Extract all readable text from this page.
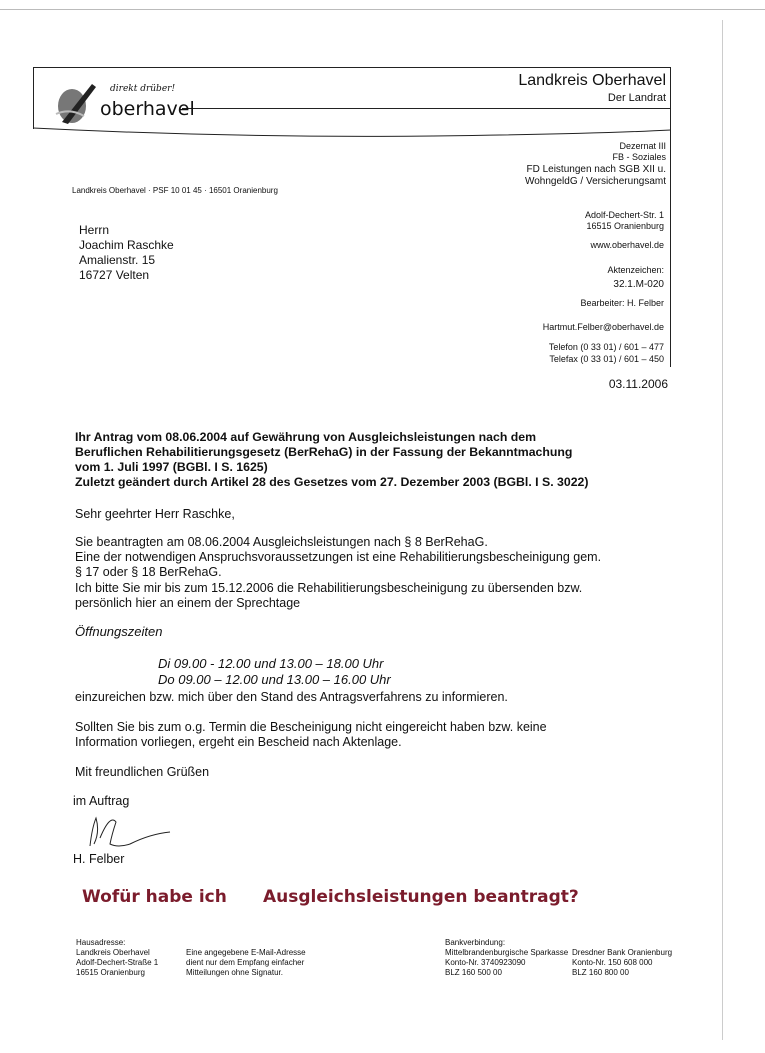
direkt drüber!
oberhavel
Landkreis Oberhavel
Der Landrat
Dezernat III
FB - Soziales
FD Leistungen nach SGB XII u.
WohngeldG / Versicherungsamt
Landkreis Oberhavel · PSF 10 01 45 · 16501 Oranienburg
Herrn
Joachim Raschke
Amalienstr. 15
16727 Velten
Adolf-Dechert-Str. 1
16515 Oranienburg
www.oberhavel.de
Aktenzeichen:
32.1.M-020
Bearbeiter: H. Felber
Hartmut.Felber@oberhavel.de
Telefon (0 33 01) / 601 – 477
Telefax (0 33 01) / 601 – 450
03.11.2006
Ihr Antrag vom 08.06.2004 auf Gewährung von Ausgleichsleistungen nach dem
Beruflichen Rehabilitierungsgesetz (BerRehaG) in der Fassung der Bekanntmachung
vom 1. Juli 1997 (BGBl. I S. 1625)
Zuletzt geändert durch Artikel 28 des Gesetzes vom 27. Dezember 2003 (BGBl. I S. 3022)
Sehr geehrter Herr Raschke,
Sie beantragten am 08.06.2004 Ausgleichsleistungen nach § 8 BerRehaG.
Eine der notwendigen Anspruchsvoraussetzungen ist eine Rehabilitierungsbescheinigung gem.
§ 17 oder § 18 BerRehaG.
Ich bitte Sie mir bis zum 15.12.2006 die Rehabilitierungsbescheinigung zu übersenden bzw.
persönlich hier an einem der Sprechtage
Öffnungszeiten
Di 09.00 - 12.00 und 13.00 – 18.00 Uhr
Do 09.00 – 12.00 und 13.00 – 16.00 Uhr
einzureichen bzw. mich über den Stand des Antragsverfahrens zu informieren.
Sollten Sie bis zum o.g. Termin die Bescheinigung nicht eingereicht haben bzw. keine
Information vorliegen, ergeht ein Bescheid nach Aktenlage.
Mit freundlichen Grüßen
im Auftrag
H. Felber
Wofür habe ich Ausgleichsleistungen beantragt?
Hausadresse:
Landkreis Oberhavel
Adolf-Dechert-Straße 1
16515 Oranienburg
Eine angegebene E-Mail-Adresse
dient nur dem Empfang einfacher
Mitteilungen ohne Signatur.
Bankverbindung:
Mittelbrandenburgische Sparkasse
Konto-Nr. 3740923090
BLZ 160 500 00
Dresdner Bank Oranienburg
Konto-Nr. 150 608 000
BLZ 160 800 00
